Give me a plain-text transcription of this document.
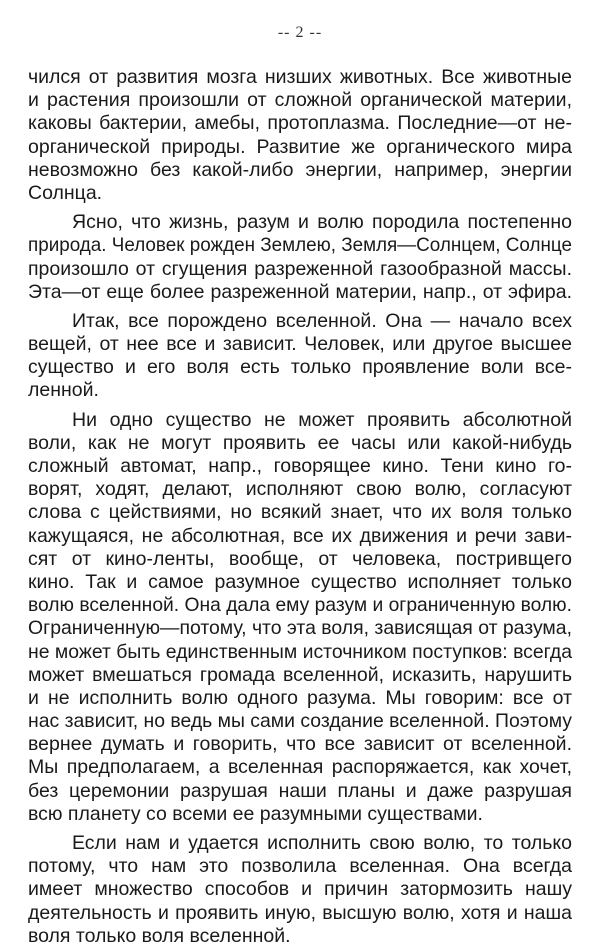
-- 2 --
чился от развития мозга низших животных. Все животные
и растения произошли от сложной органической материи,
каковы бактерии, амебы, протоплазма. Последние—от не-
органической природы. Развитие же органического мира
невозможно без какой-либо энергии, например, энергии
Солнца.
Ясно, что жизнь, разум и волю породила постепенно
природа. Человек рожден Землею, Земля—Солнцем, Солнце
произошло от сгущения разреженной газообразной массы.
Эта—от еще более разреженной материи, напр., от эфира.
Итак, все порождено вселенной. Она — начало всех
вещей, от нее все и зависит. Человек, или другое высшее
существо и его воля есть только проявление воли все-
ленной.
Ни одно существо не может проявить абсолютной
воли, как не могут проявить ее часы или какой-нибудь
сложный автомат, напр., говорящее кино. Тени кино го-
ворят, ходят, делают, исполняют свою волю, согласуют
слова с цействиями, но всякий знает, что их воля только
кажущаяся, не абсолютная, все их движения и речи зави-
сят от кино-ленты, вообще, от человека, постривщего
кино. Так и самое разумное существо исполняет только
волю вселенной. Она дала ему разум и ограниченную волю.
Ограниченную—потому, что эта воля, зависящая от разума,
не может быть единственным источником поступков: всегда
может вмешаться громада вселенной, исказить, нарушить
и не исполнить волю одного разума. Мы говорим: все от
нас зависит, но ведь мы сами создание вселенной. Поэтому
вернее думать и говорить, что все зависит от вселенной.
Мы предполагаем, а вселенная распоряжается, как хочет,
без церемонии разрушая наши планы и даже разрушая
всю планету со всеми ее разумными существами.
Если нам и удается исполнить свою волю, то только
потому, что нам это позволила вселенная. Она всегда
имеет множество способов и причин затормозить нашу
деятельность и проявить иную, высшую волю, хотя и наша
воля только воля вселенной.
